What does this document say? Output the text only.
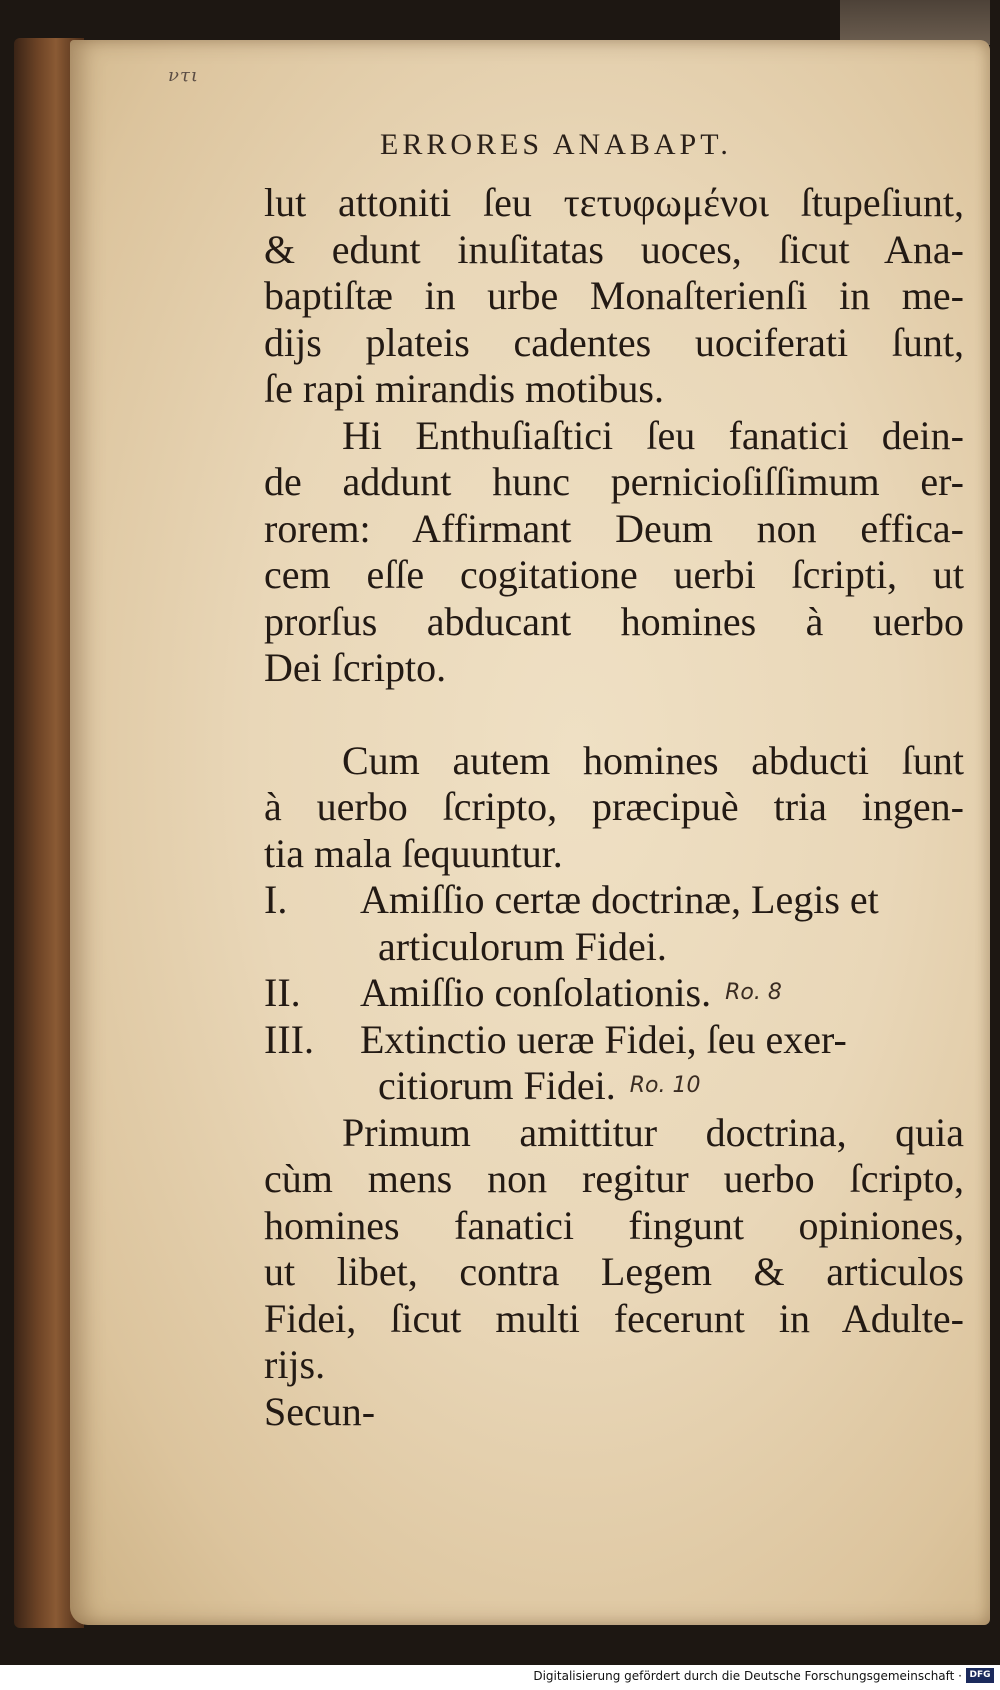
ντι
ERRORES ANABAPT.
lut attoniti ſeu τετυφωμένοι ſtupeſiunt,
& edunt inuſitatas uoces, ſicut Ana-
baptiſtæ in urbe Monaſterienſi in me-
dijs plateis cadentes uociferati ſunt,
ſe rapi mirandis motibus.
Hi Enthuſiaſtici ſeu fanatici dein-
de addunt hunc pernicioſiſſimum er-
rorem: Affirmant Deum non effica-
cem eſſe cogitatione uerbi ſcripti, ut
prorſus abducant homines à uerbo
Dei ſcripto.
Cum autem homines abducti ſunt
à uerbo ſcripto, præcipuè tria ingen-
tia mala ſequuntur.
I.	Amiſſio certæ doctrinæ, Legis et
articulorum Fidei.
II.	Amiſſio conſolationis. Ro. 8
III.	Extinctio ueræ Fidei, ſeu exer-
citiorum Fidei. Ro. 10
Primum amittitur doctrina, quia
cùm mens non regitur uerbo ſcripto,
homines fanatici fingunt opiniones,
ut libet, contra Legem & articulos
Fidei, ſicut multi fecerunt in Adulte-
rijs.
Secun-
Digitalisierung gefördert durch die Deutsche Forschungsgemeinschaft · DFG
